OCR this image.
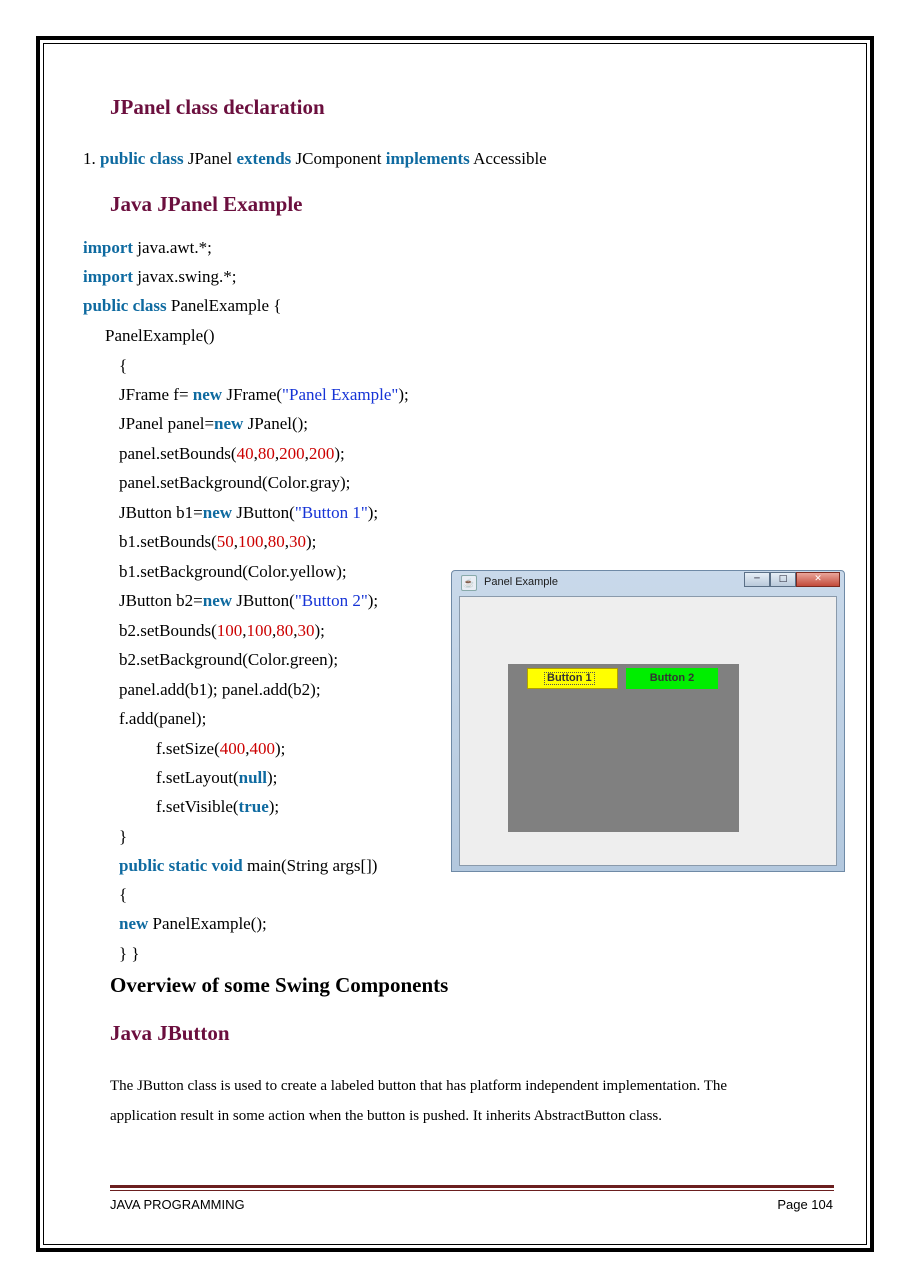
JPanel class declaration
1. public class JPanel extends JComponent implements Accessible
Java JPanel Example
import java.awt.*;
import javax.swing.*;
public class PanelExample {
PanelExample()
{
JFrame f= new JFrame("Panel Example");
JPanel panel=new JPanel();
panel.setBounds(40,80,200,200);
panel.setBackground(Color.gray);
JButton b1=new JButton("Button 1");
b1.setBounds(50,100,80,30);
b1.setBackground(Color.yellow);
JButton b2=new JButton("Button 2");
b2.setBounds(100,100,80,30);
b2.setBackground(Color.green);
panel.add(b1); panel.add(b2);
f.add(panel);
f.setSize(400,400);
f.setLayout(null);
f.setVisible(true);
}
public static void main(String args[])
{
new PanelExample();
} }
☕ Panel Example	─	□	✕
Button 1	Button 2
Overview of some Swing Components
Java JButton
The JButton class is used to create a labeled button that has platform independent implementation. The
application result in some action when the button is pushed. It inherits AbstractButton class.
JAVA PROGRAMMING	Page 104
